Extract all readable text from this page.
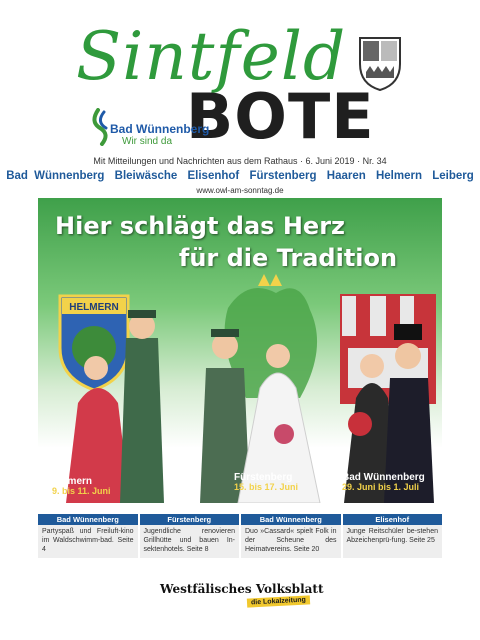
Sintfeld
BOTE
Bad Wünnenberg
Wir sind da
Mit Mitteilungen und Nachrichten aus dem Rathaus · 6. Juni 2019 · Nr. 34
Bad Wünnenberg Bleiwäsche Elisenhof Fürstenberg Haaren Helmern Leiberg
www.owl-am-sonntag.de
HELMERN
Hier schlägt das Herz
für die Tradition
Helmern
9. bis 11. Juni
Fürstenberg
15. bis 17. Juni
Bad Wünnenberg
29. Juni bis 1. Juli
Bad Wünnenberg
Partyspaß und Freiluft-kino im Waldschwimm-bad. Seite 4
Fürstenberg
Jugendliche renovieren Grillhütte und bauen In-sektenhotels. Seite 8
Bad Wünnenberg
Duo »Cassard« spielt Folk in der Scheune des Heimatvereins. Seite 20
Elisenhof
Junge Reitschüler be-stehen Abzeichenprü-fung. Seite 25
Westfälisches Volksblatt
die Lokalzeitung
